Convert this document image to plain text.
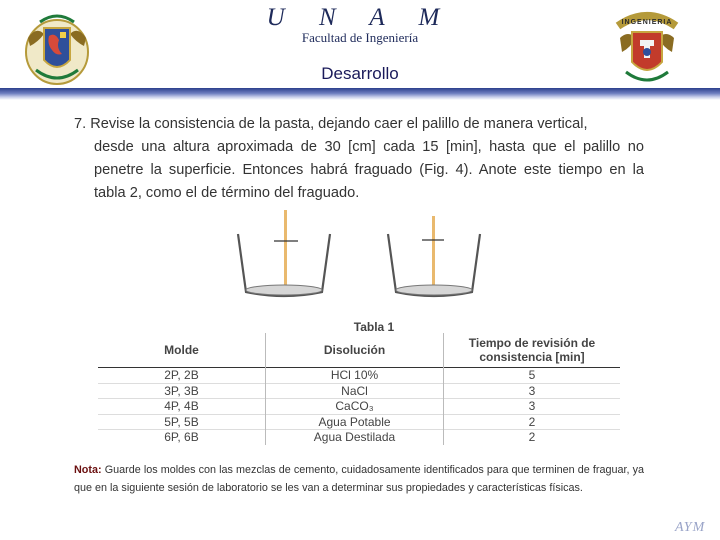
INGENIERIA
U N A M
Facultad de Ingeniería
Desarrollo
7. Revise la consistencia de la pasta, dejando caer el palillo de manera vertical,
desde una altura aproximada de 30 [cm] cada 15 [min], hasta que el palillo no penetre la superficie. Entonces habrá fraguado (Fig. 4). Anote este tiempo en la tabla 2, como el de término del fraguado.
Tabla 1
Molde	Disolución	Tiempo de revisión de consistencia [min]
2P, 2B	HCl 10%	5
3P, 3B	NaCl	3
4P, 4B	CaCO₃	3
5P, 5B	Agua Potable	2
6P, 6B	Agua Destilada	2
Nota: Guarde los moldes con las mezclas de cemento, cuidadosamente identificados para que terminen de fraguar, ya que en la siguiente sesión de laboratorio se les van a determinar sus propiedades y características físicas.
AYM
